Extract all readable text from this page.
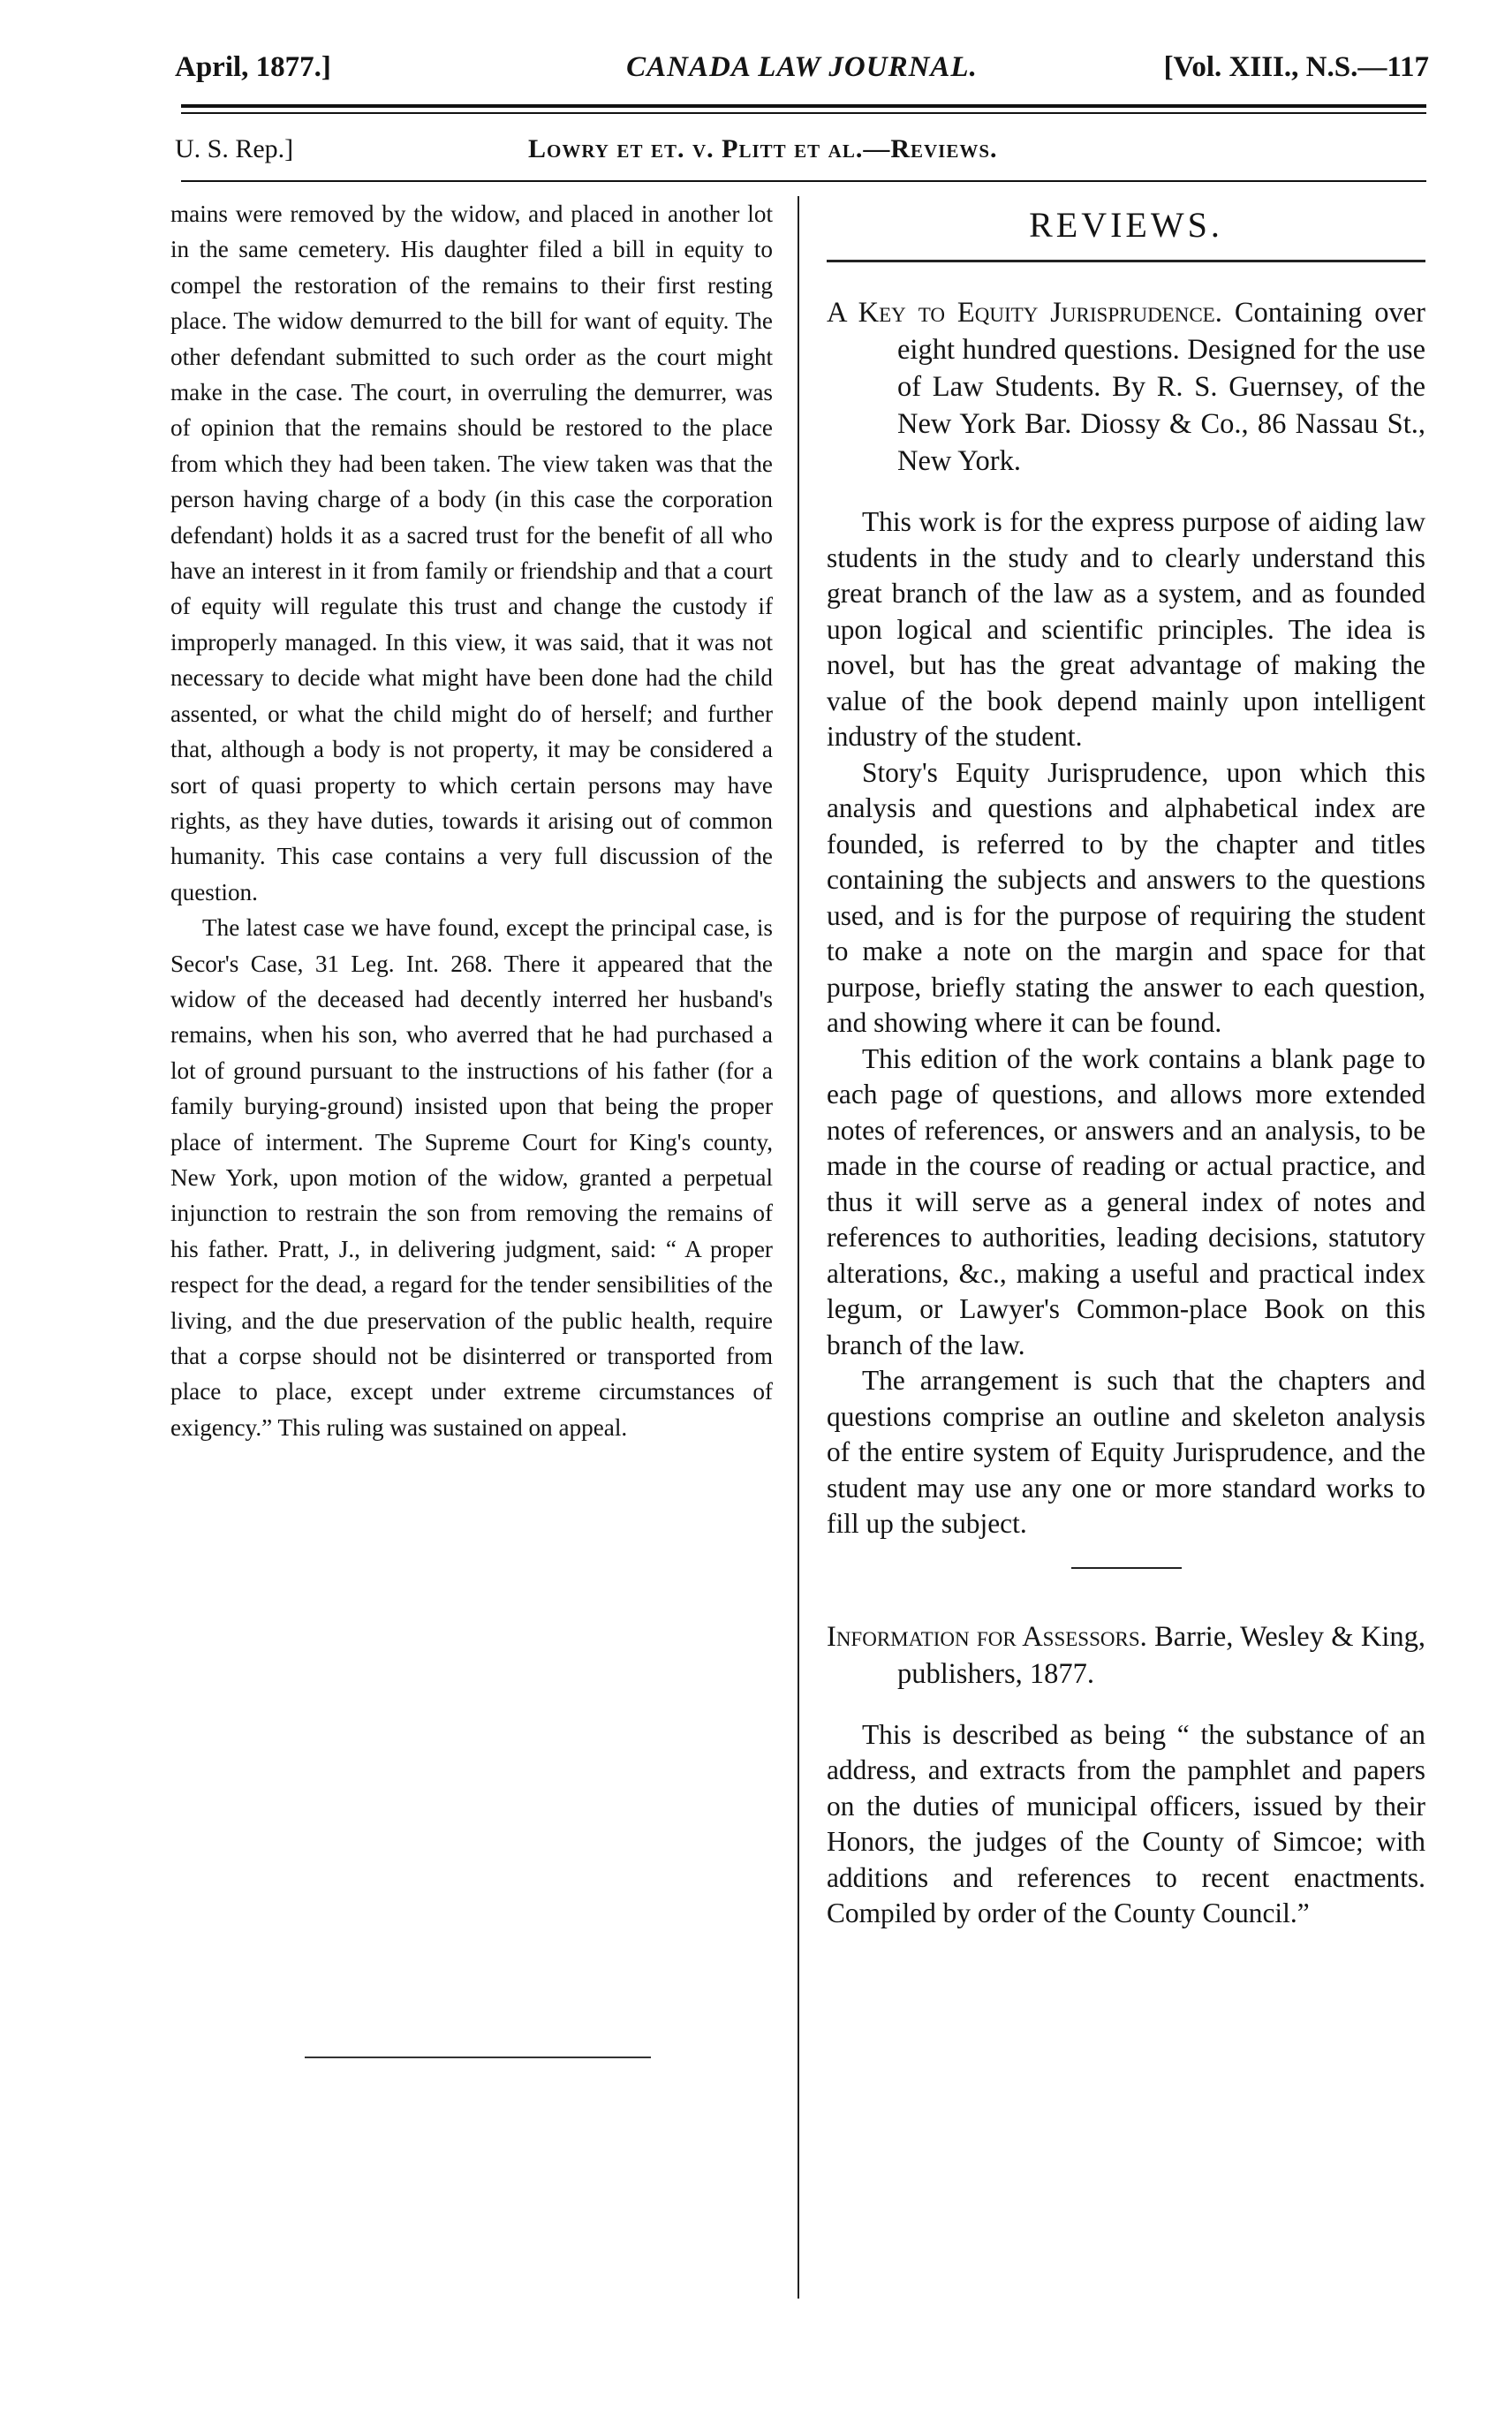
April, 1877.]	CANADA LAW JOURNAL.	[Vol. XIII., N.S.—117
U. S. Rep.]	Lowry et et. v. Plitt et al.—Reviews.

mains were removed by the widow, and placed in another lot in the same cemetery. His daughter filed a bill in equity to compel the restoration of the remains to their first resting place. The widow demurred to the bill for want of equity. The other defendant submitted to such order as the court might make in the case. The court, in overruling the demurrer, was of opinion that the remains should be restored to the place from which they had been taken. The view taken was that the person having charge of a body (in this case the corporation defendant) holds it as a sacred trust for the benefit of all who have an interest in it from family or friendship and that a court of equity will regulate this trust and change the custody if improperly managed. In this view, it was said, that it was not necessary to decide what might have been done had the child assented, or what the child might do of herself; and further that, although a body is not property, it may be considered a sort of quasi property to which certain persons may have rights, as they have duties, towards it arising out of common humanity. This case contains a very full discussion of the question.

The latest case we have found, except the principal case, is Secor's Case, 31 Leg. Int. 268. There it appeared that the widow of the deceased had decently interred her husband's remains, when his son, who averred that he had purchased a lot of ground pursuant to the instructions of his father (for a family burying-ground) insisted upon that being the proper place of interment. The Supreme Court for King's county, New York, upon motion of the widow, granted a perpetual injunction to restrain the son from removing the remains of his father. Pratt, J., in delivering judgment, said: “ A proper respect for the dead, a regard for the tender sensibilities of the living, and the due preservation of the public health, require that a corpse should not be disinterred or transported from place to place, except under extreme circumstances of exigency.” This ruling was sustained on appeal.

REVIEWS.

A Key to Equity Jurisprudence. Containing over eight hundred questions. Designed for the use of Law Students. By R. S. Guernsey, of the New York Bar. Diossy & Co., 86 Nassau St., New York.

This work is for the express purpose of aiding law students in the study and to clearly understand this great branch of the law as a system, and as founded upon logical and scientific principles. The idea is novel, but has the great advantage of making the value of the book depend mainly upon intelligent industry of the student.

Story's Equity Jurisprudence, upon which this analysis and questions and alphabetical index are founded, is referred to by the chapter and titles containing the subjects and answers to the questions used, and is for the purpose of requiring the student to make a note on the margin and space for that purpose, briefly stating the answer to each question, and showing where it can be found.

This edition of the work contains a blank page to each page of questions, and allows more extended notes of references, or answers and an analysis, to be made in the course of reading or actual practice, and thus it will serve as a general index of notes and references to authorities, leading decisions, statutory alterations, &c., making a useful and practical index legum, or Lawyer's Common-place Book on this branch of the law.

The arrangement is such that the chapters and questions comprise an outline and skeleton analysis of the entire system of Equity Jurisprudence, and the student may use any one or more standard works to fill up the subject.

Information for Assessors. Barrie, Wesley & King, publishers, 1877.

This is described as being “ the substance of an address, and extracts from the pamphlet and papers on the duties of municipal officers, issued by their Honors, the judges of the County of Simcoe; with additions and references to recent enactments. Compiled by order of the County Council.”
